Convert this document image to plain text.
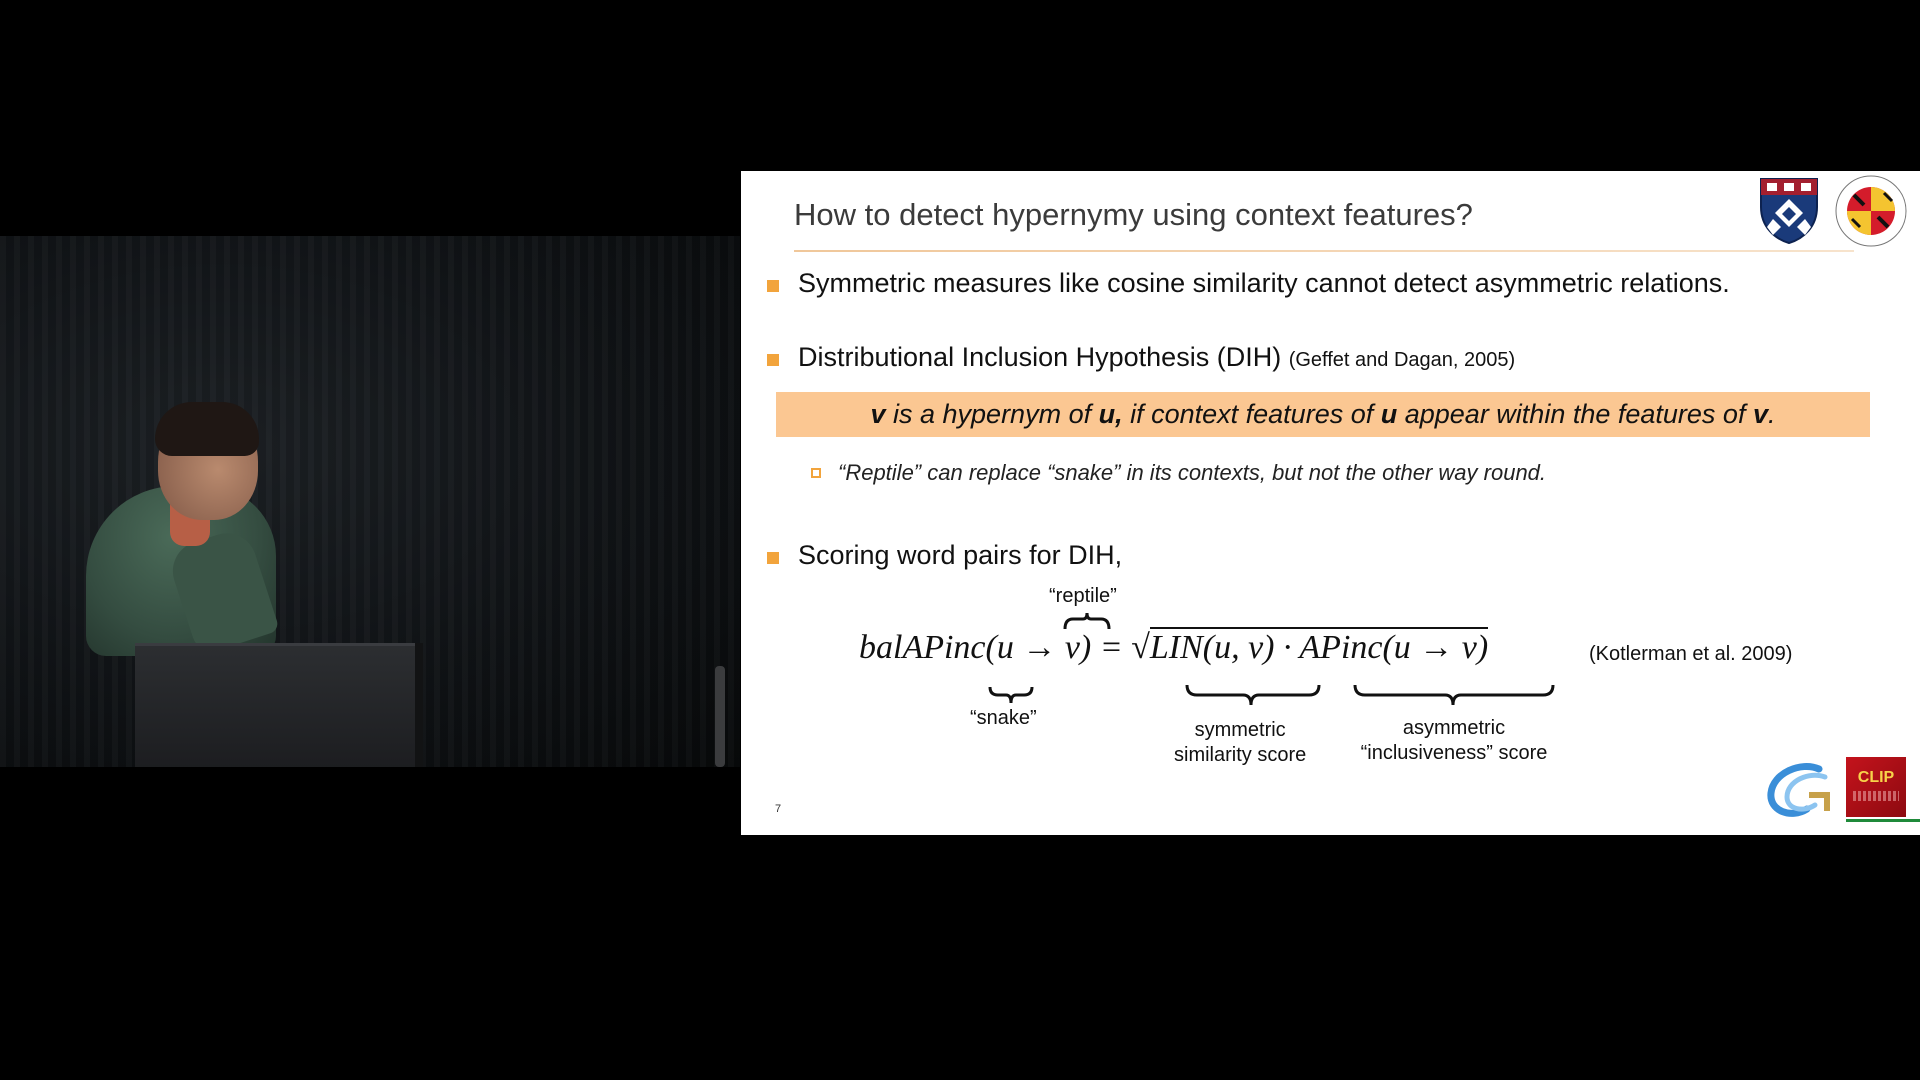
How to detect hypernymy using context features?
Symmetric measures like cosine similarity cannot detect asymmetric relations.
Distributional Inclusion Hypothesis (DIH) (Geffet and Dagan, 2005)
v is a hypernym of u, if context features of u appear within the features of v.
“Reptile” can replace “snake” in its contexts, but not the other way round.
Scoring word pairs for DIH,
“reptile”
balAPinc(u → v) = √LIN(u, v) · APinc(u → v)
“snake”
symmetric
similarity score
asymmetric
“inclusiveness” score
(Kotlerman et al. 2009)
7
CLIP
